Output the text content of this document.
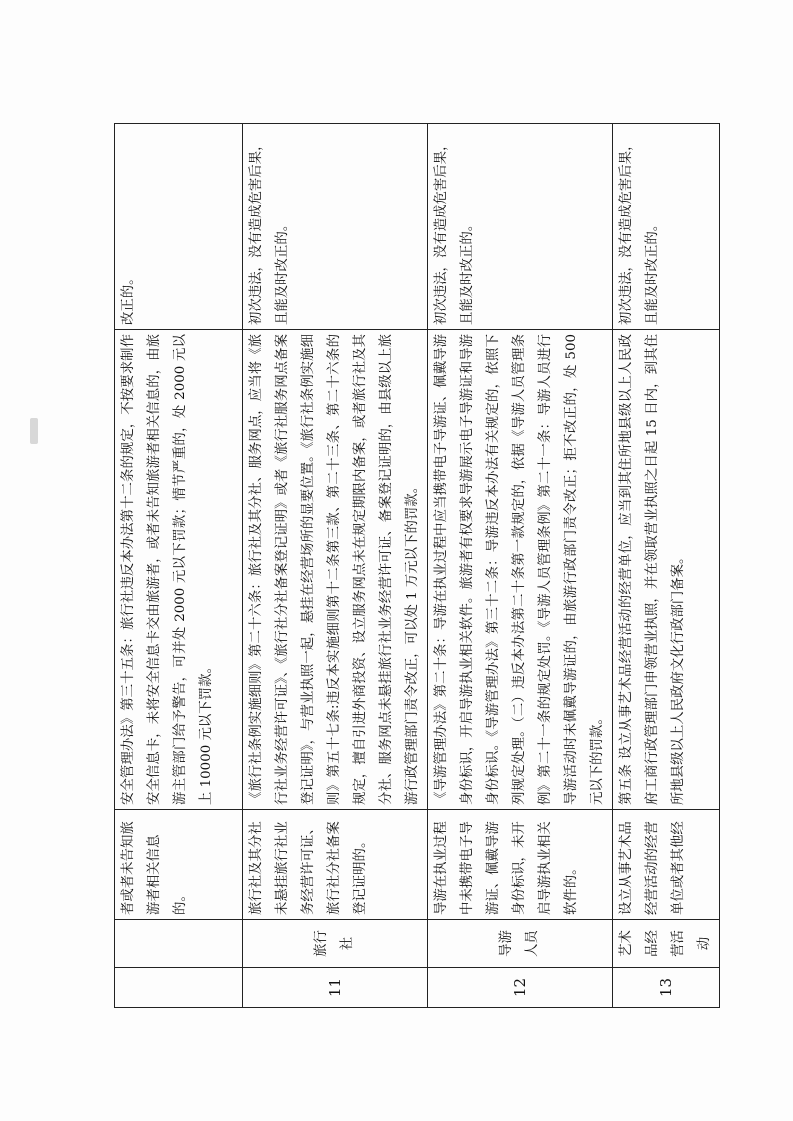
		者或者未告知旅游者相关信息的。	安全管理办法》第三十五条：旅行社违反本办法第十二条的规定，不按要求制作安全信息卡，未将安全信息卡交由旅游者，或者未告知旅游者相关信息的，由旅游主管部门给予警告，可并处 2000 元以下罚款；情节严重的，处 2000 元以上 10000 元以下罚款。	改正的。
11	旅行社	旅行社及其分社未悬挂旅行社业务经营许可证、旅行社分社备案登记证明的。	《旅行社条例实施细则》第二十六条：旅行社及其分社、服务网点，应当将《旅行社业务经营许可证》、《旅行社分社备案登记证明》或者《旅行社服务网点备案登记证明》，与营业执照一起，悬挂在经营场所的显要位置。《旅行社条例实施细则》第五十七条:违反本实施细则第十二条第三款、第二十三条、第二十六条的规定，擅自引进外商投资、设立服务网点未在规定期限内备案，或者旅行社及其分社、服务网点未悬挂旅行社业务经营许可证、备案登记证明的，由县级以上旅游行政管理部门责令改正，可以处 1 万元以下的罚款。	初次违法，没有造成危害后果，且能及时改正的。
12	导游人员	导游在执业过程中未携带电子导游证、佩戴导游身份标识，未开启导游执业相关软件的。	《导游管理办法》第二十条：导游在执业过程中应当携带电子导游证、佩戴导游身份标识，开启导游执业相关软件。旅游者有权要求导游展示电子导游证和导游身份标识。《导游管理办法》第三十二条：导游违反本办法有关规定的，依照下列规定处理。（二）违反本办法第二十条第一款规定的，依据《导游人员管理条例》第二十一条的规定处罚。《导游人员管理条例》第二十一条：导游人员进行导游活动时未佩戴导游证的，由旅游行政部门责令改正；拒不改正的，处 500 元以下的罚款。	初次违法，没有造成危害后果，且能及时改正的。
13	艺术品经营活动	设立从事艺术品经营活动的经营单位或者其他经	第五条 设立从事艺术品经营活动的经营单位，应当到其住所地县级以上人民政府工商行政管理部门申领营业执照，并在领取营业执照之日起 15 日内，到其住所地县级以上人民政府文化行政部门备案。	初次违法，没有造成危害后果，且能及时改正的。
